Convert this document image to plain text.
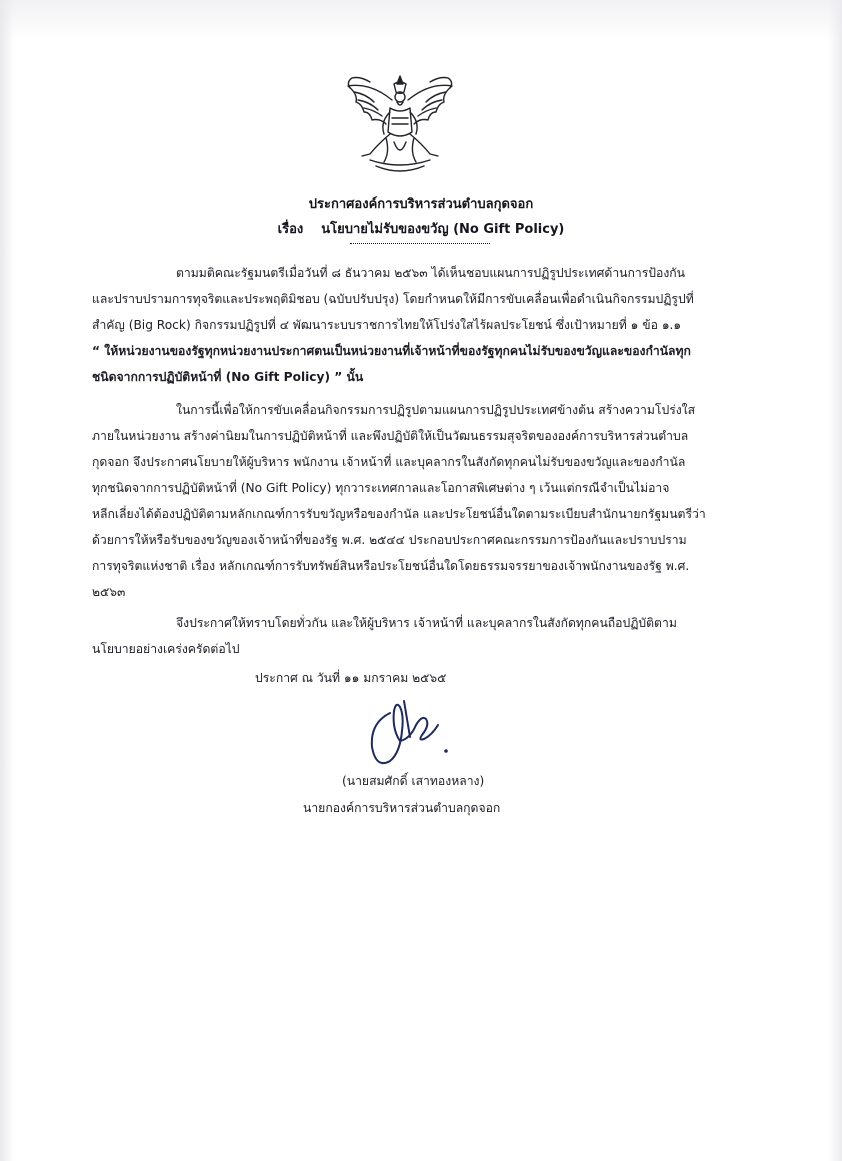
ประกาศองค์การบริหารส่วนตำบลกุดจอก
เรื่อง นโยบายไม่รับของขวัญ (No Gift Policy)
ตามมติคณะรัฐมนตรีเมื่อวันที่ ๘ ธันวาคม ๒๕๖๓ ได้เห็นชอบแผนการปฏิรูปประเทศด้านการป้องกัน
และปราบปรามการทุจริตและประพฤติมิชอบ (ฉบับปรับปรุง) โดยกำหนดให้มีการขับเคลื่อนเพื่อดำเนินกิจกรรมปฏิรูปที่
สำคัญ (Big Rock) กิจกรรมปฏิรูปที่ ๔ พัฒนาระบบราชการไทยให้โปร่งใสไร้ผลประโยชน์ ซึ่งเป้าหมายที่ ๑ ข้อ ๑.๑
“ ให้หน่วยงานของรัฐทุกหน่วยงานประกาศตนเป็นหน่วยงานที่เจ้าหน้าที่ของรัฐทุกคนไม่รับของขวัญและของกำนัลทุก
ชนิดจากการปฏิบัติหน้าที่ (No Gift Policy) ” นั้น
ในการนี้เพื่อให้การขับเคลื่อนกิจกรรมการปฏิรูปตามแผนการปฏิรูปประเทศข้างต้น สร้างความโปร่งใส
ภายในหน่วยงาน สร้างค่านิยมในการปฏิบัติหน้าที่ และพึงปฏิบัติให้เป็นวัฒนธรรมสุจริตขององค์การบริหารส่วนตำบล
กุดจอก จึงประกาศนโยบายให้ผู้บริหาร พนักงาน เจ้าหน้าที่ และบุคลากรในสังกัดทุกคนไม่รับของขวัญและของกำนัล
ทุกชนิดจากการปฏิบัติหน้าที่ (No Gift Policy) ทุกวาระเทศกาลและโอกาสพิเศษต่าง ๆ เว้นแต่กรณีจำเป็นไม่อาจ
หลีกเลี่ยงได้ต้องปฏิบัติตามหลักเกณฑ์การรับขวัญหรือของกำนัล และประโยชน์อื่นใดตามระเบียบสำนักนายกรัฐมนตรีว่า
ด้วยการให้หรือรับของขวัญของเจ้าหน้าที่ของรัฐ พ.ศ. ๒๕๔๔ ประกอบประกาศคณะกรรมการป้องกันและปราบปราม
การทุจริตแห่งชาติ เรื่อง หลักเกณฑ์การรับทรัพย์สินหรือประโยชน์อื่นใดโดยธรรมจรรยาของเจ้าพนักงานของรัฐ พ.ศ.
๒๕๖๓
จึงประกาศให้ทราบโดยทั่วกัน และให้ผู้บริหาร เจ้าหน้าที่ และบุคลากรในสังกัดทุกคนถือปฏิบัติตาม
นโยบายอย่างเคร่งครัดต่อไป
ประกาศ ณ วันที่ ๑๑ มกราคม ๒๕๖๕
(นายสมศักดิ์ เสาทองหลาง)
นายกองค์การบริหารส่วนตำบลกุดจอก
